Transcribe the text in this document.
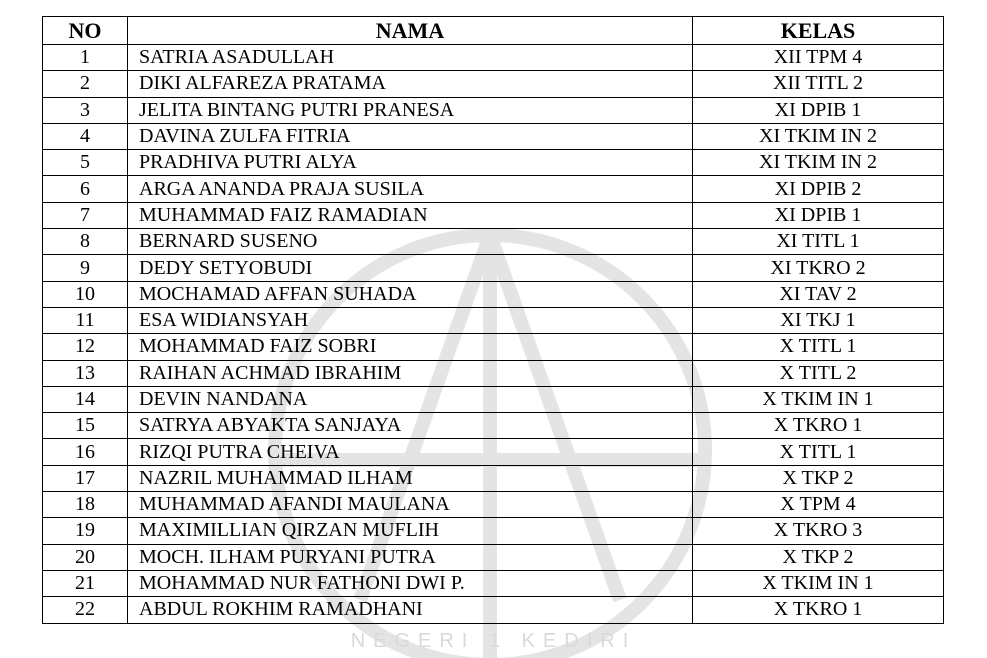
NEGERI 1 KEDIRI
NO	NAMA	KELAS
1	SATRIA ASADULLAH	XII TPM 4
2	DIKI ALFAREZA PRATAMA	XII TITL 2
3	JELITA BINTANG PUTRI PRANESA	XI DPIB 1
4	DAVINA ZULFA FITRIA	XI TKIM IN 2
5	PRADHIVA PUTRI ALYA	XI TKIM IN 2
6	ARGA ANANDA PRAJA SUSILA	XI DPIB 2
7	MUHAMMAD FAIZ RAMADIAN	XI DPIB 1
8	BERNARD SUSENO	XI TITL 1
9	DEDY SETYOBUDI	XI TKRO 2
10	MOCHAMAD AFFAN SUHADA	XI TAV 2
11	ESA WIDIANSYAH	XI TKJ 1
12	MOHAMMAD FAIZ SOBRI	X TITL 1
13	RAIHAN ACHMAD IBRAHIM	X TITL 2
14	DEVIN NANDANA	X TKIM IN 1
15	SATRYA ABYAKTA SANJAYA	X TKRO 1
16	RIZQI PUTRA CHEIVA	X TITL 1
17	NAZRIL MUHAMMAD ILHAM	X TKP 2
18	MUHAMMAD AFANDI MAULANA	X TPM 4
19	MAXIMILLIAN QIRZAN MUFLIH	X TKRO 3
20	MOCH. ILHAM PURYANI PUTRA	X TKP 2
21	MOHAMMAD NUR FATHONI DWI P.	X TKIM IN 1
22	ABDUL ROKHIM RAMADHANI	X TKRO 1
